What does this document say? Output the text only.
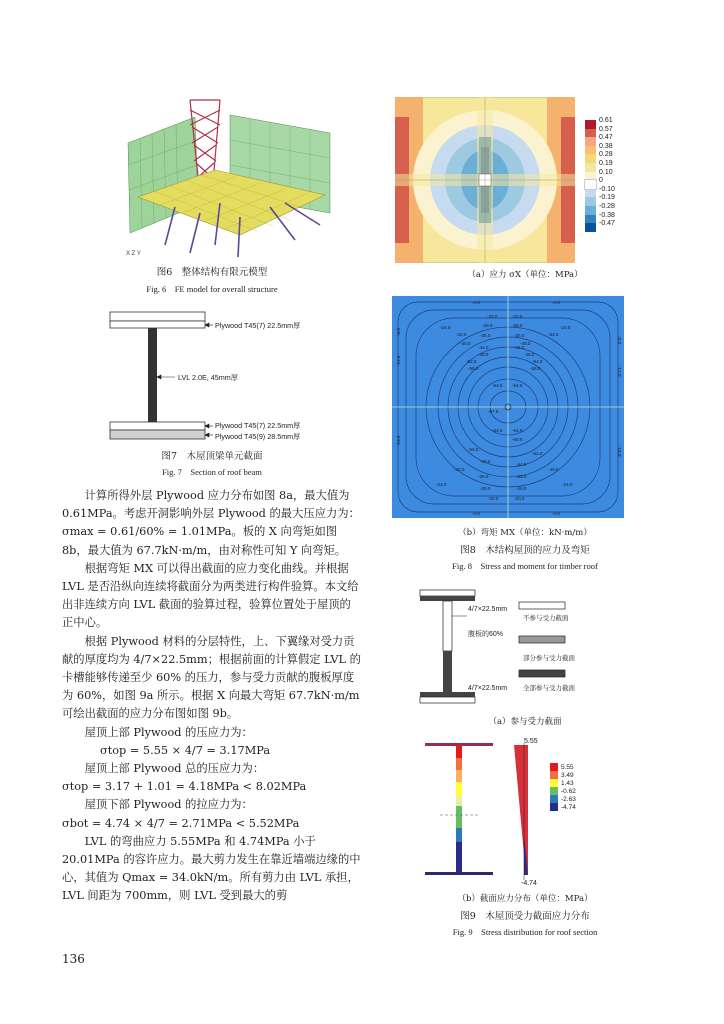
X Z Y
图6　整体结构有限元模型
Fig. 6　FE model for overall structure
Plywood T45(7) 22.5mm厚
LVL 2.0E, 45mm厚
Plywood T45(7) 22.5mm厚
Plywood T45(9) 28.5mm厚
图7　木屋顶梁单元截面
Fig. 7　Section of roof beam

计算所得外层 Plywood 应力分布如图 8a，最大值为 0.61MPa。考虑开洞影响外层 Plywood 的最大压应力为：σmax = 0.61/60% = 1.01MPa。板的 X 向弯矩如图 8b，最大值为 67.7kN·m/m，由对称性可知 Y 向弯矩。

根据弯矩 MX 可以得出截面的应力变化曲线。并根据 LVL 是否沿纵向连续将截面分为两类进行构件验算。本文给出非连续方向 LVL 截面的验算过程，验算位置处于屋顶的正中心。

根据 Plywood 材料的分层特性，上、下翼缘对受力贡献的厚度均为 4/7×22.5mm；根据前面的计算假定 LVL 的卡槽能够传递至少 60% 的压力，参与受力贡献的腹板厚度为 60%，如图 9a 所示。根据 X 向最大弯矩 67.7kN·m/m 可绘出截面的应力分布图如图 9b。

屋顶上部 Plywood 的压应力为：

σtop = 5.55 × 4/7 = 3.17MPa

屋顶上部 Plywood 总的压应力为：

σtop = 3.17 + 1.01 = 4.18MPa < 8.02MPa

屋顶下部 Plywood 的拉应力为：

σbot = 4.74 × 4/7 = 2.71MPa < 5.52MPa

LVL 的弯曲应力 5.55MPa 和 4.74MPa 小于 20.01MPa 的容许应力。最大剪力发生在靠近墙端边缘的中心，其值为 Qmax = 34.0kN/m。所有剪力由 LVL 承担，LVL 间距为 700mm，则 LVL 受到最大的剪

136
0.61
0.57
0.47
0.38
0.28
0.19
0.10
0
-0.10
-0.19
-0.28
-0.38
-0.47
（a）应力 σX（单位：MPa）
-20.0	-20.0
-24.0	-24.0
-28.0	-28.0
-32.0	-32.0
-36.0	-36.0
-40.0	-40.0
-44.0	-44.0
-48.0	-48.0
-52.0	-52.0
-56.0	-56.0
-64.0 -64.0
-67.6
-64.0 -64.0
-60.0
-56.0
-52.0
-48.0
-44.0
-40.0	-40.0
-36.0	-36.0
-28.0	-28.0
-24.0	-24.0
-20.0	-20.0
-4.0	-4.0
-4.0	-4.0
-8.0
-12.0
-16.0
-8.0
-12.0
-16.0
（b）弯矩 MX（单位：kN·m/m）
图8　木结构屋顶的应力及弯矩
Fig. 8　Stress and moment for timber roof
4/7×22.5mm
腹板的60%
4/7×22.5mm
不参与受力截面
部分参与受力截面
全部参与受力截面
（a）参与受力截面
5.55
-4.74
5.55
3.49
1.43
-0.62
-2.63
-4.74
（b）截面应力分布（单位：MPa）
图9　木屋顶受力截面应力分布
Fig. 9　Stress distribution for roof section
